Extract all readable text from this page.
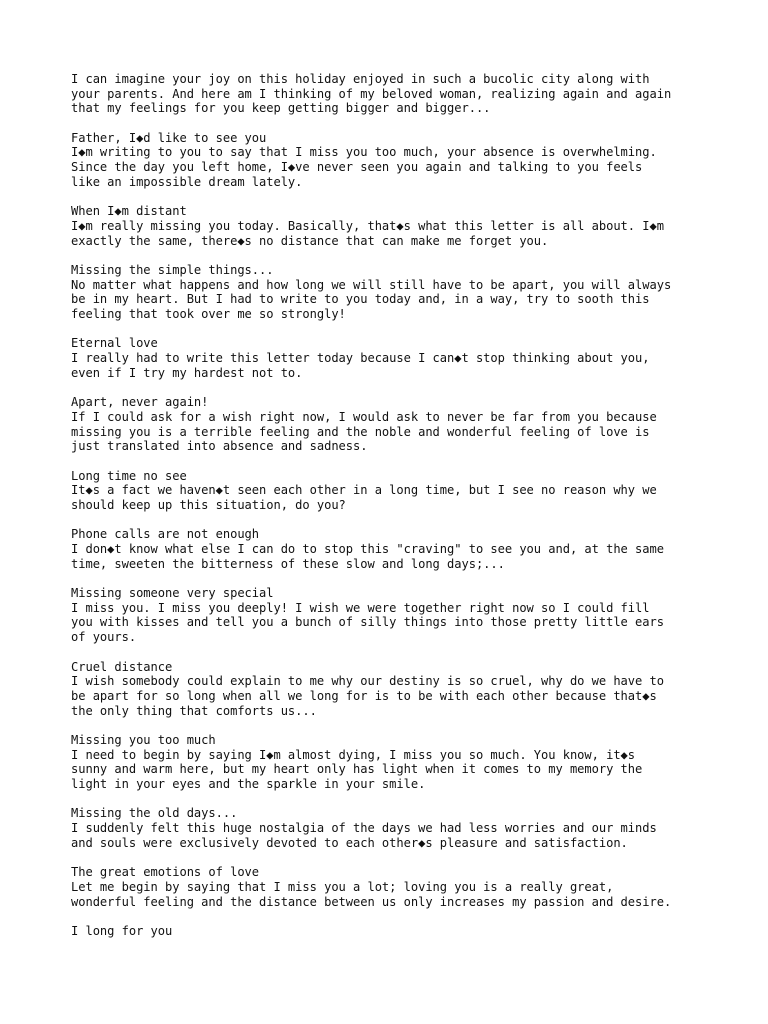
I can imagine your joy on this holiday enjoyed in such a bucolic city along with
your parents. And here am I thinking of my beloved woman, realizing again and again
that my feelings for you keep getting bigger and bigger...
Father, I◆d like to see you
I◆m writing to you to say that I miss you too much, your absence is overwhelming.
Since the day you left home, I◆ve never seen you again and talking to you feels
like an impossible dream lately.
When I◆m distant
I◆m really missing you today. Basically, that◆s what this letter is all about. I◆m
exactly the same, there◆s no distance that can make me forget you.
Missing the simple things...
No matter what happens and how long we will still have to be apart, you will always
be in my heart. But I had to write to you today and, in a way, try to sooth this
feeling that took over me so strongly!
Eternal love
I really had to write this letter today because I can◆t stop thinking about you,
even if I try my hardest not to.
Apart, never again!
If I could ask for a wish right now, I would ask to never be far from you because
missing you is a terrible feeling and the noble and wonderful feeling of love is
just translated into absence and sadness.
Long time no see
It◆s a fact we haven◆t seen each other in a long time, but I see no reason why we
should keep up this situation, do you?
Phone calls are not enough
I don◆t know what else I can do to stop this "craving" to see you and, at the same
time, sweeten the bitterness of these slow and long days;...
Missing someone very special
I miss you. I miss you deeply! I wish we were together right now so I could fill
you with kisses and tell you a bunch of silly things into those pretty little ears
of yours.
Cruel distance
I wish somebody could explain to me why our destiny is so cruel, why do we have to
be apart for so long when all we long for is to be with each other because that◆s
the only thing that comforts us...
Missing you too much
I need to begin by saying I◆m almost dying, I miss you so much. You know, it◆s
sunny and warm here, but my heart only has light when it comes to my memory the
light in your eyes and the sparkle in your smile.
Missing the old days...
I suddenly felt this huge nostalgia of the days we had less worries and our minds
and souls were exclusively devoted to each other◆s pleasure and satisfaction.
The great emotions of love
Let me begin by saying that I miss you a lot; loving you is a really great,
wonderful feeling and the distance between us only increases my passion and desire.
I long for you
